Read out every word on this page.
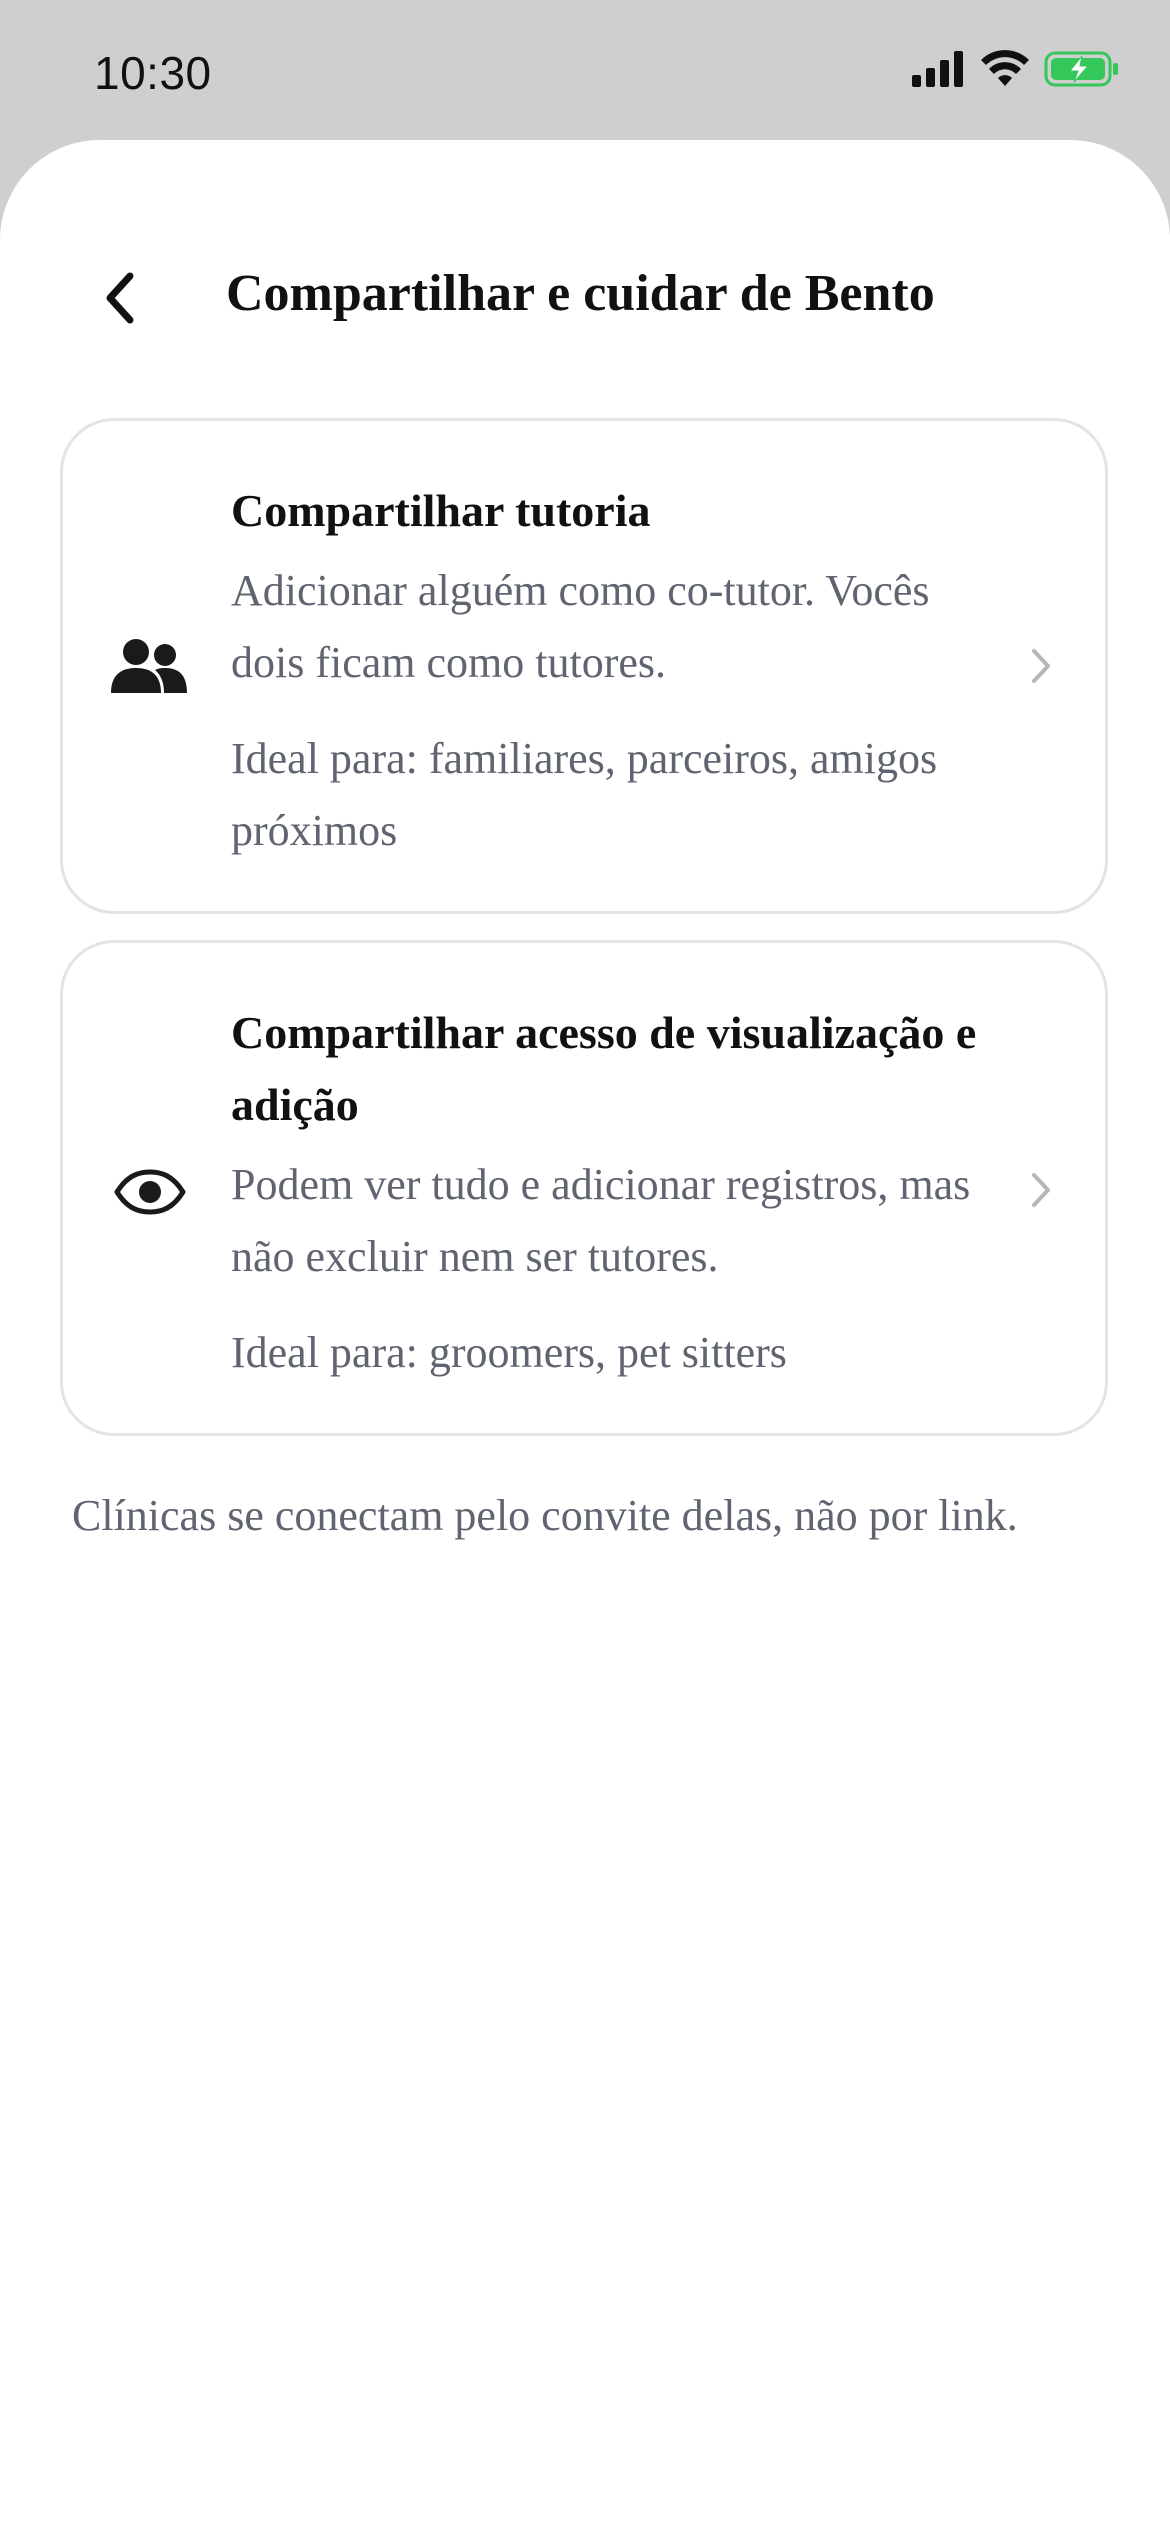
10:30
Compartilhar e cuidar de Bento

Compartilhar tutoria

Adicionar alguém como co-tutor. Vocês dois ficam como tutores.

Ideal para: familiares, parceiros, amigos próximos

Compartilhar acesso de visualização e adição

Podem ver tudo e adicionar registros, mas não excluir nem ser tutores.

Ideal para: groomers, pet sitters

Clínicas se conectam pelo convite delas, não por link.
